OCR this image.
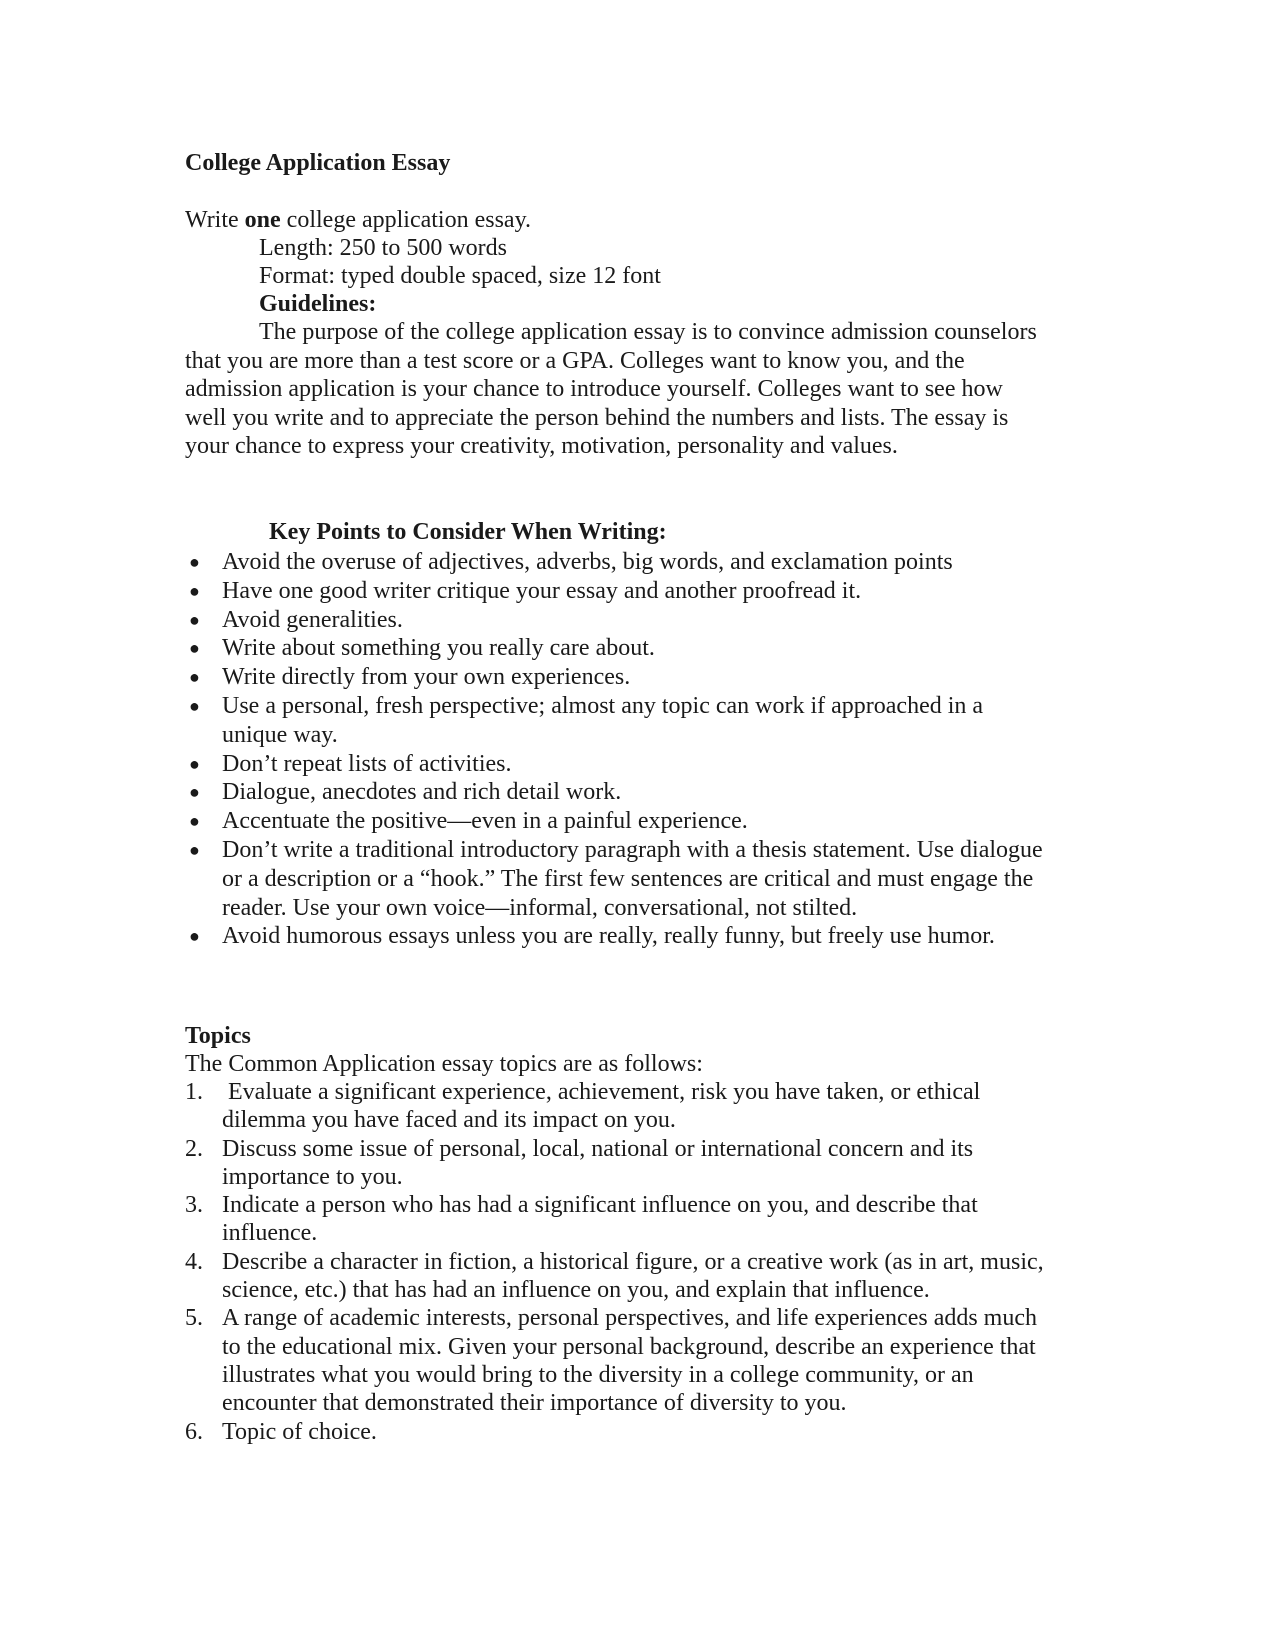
College Application Essay
Write one college application essay.
Length: 250 to 500 words
Format: typed double spaced, size 12 font
Guidelines:

The purpose of the college application essay is to convince admission counselors

that you are more than a test score or a GPA. Colleges want to know you, and the

admission application is your chance to introduce yourself. Colleges want to see how

well you write and to appreciate the person behind the numbers and lists. The essay is

your chance to express your creativity, motivation, personality and values.

Key Points to Consider When Writing:
● Avoid the overuse of adjectives, adverbs, big words, and exclamation points
● Have one good writer critique your essay and another proofread it.
● Avoid generalities.
● Write about something you really care about.
● Write directly from your own experiences.
● Use a personal, fresh perspective; almost any topic can work if approached in a
unique way.
● Don’t repeat lists of activities.
● Dialogue, anecdotes and rich detail work.
● Accentuate the positive—even in a painful experience.
● Don’t write a traditional introductory paragraph with a thesis statement. Use dialogue
or a description or a “hook.” The first few sentences are critical and must engage the
reader. Use your own voice—informal, conversational, not stilted.
● Avoid humorous essays unless you are really, really funny, but freely use humor.
Topics
The Common Application essay topics are as follows:
1. Evaluate a significant experience, achievement, risk you have taken, or ethical
dilemma you have faced and its impact on you.
2. Discuss some issue of personal, local, national or international concern and its
importance to you.
3. Indicate a person who has had a significant influence on you, and describe that
influence.
4. Describe a character in fiction, a historical figure, or a creative work (as in art, music,
science, etc.) that has had an influence on you, and explain that influence.
5. A range of academic interests, personal perspectives, and life experiences adds much
to the educational mix. Given your personal background, describe an experience that
illustrates what you would bring to the diversity in a college community, or an
encounter that demonstrated their importance of diversity to you.
6. Topic of choice.
